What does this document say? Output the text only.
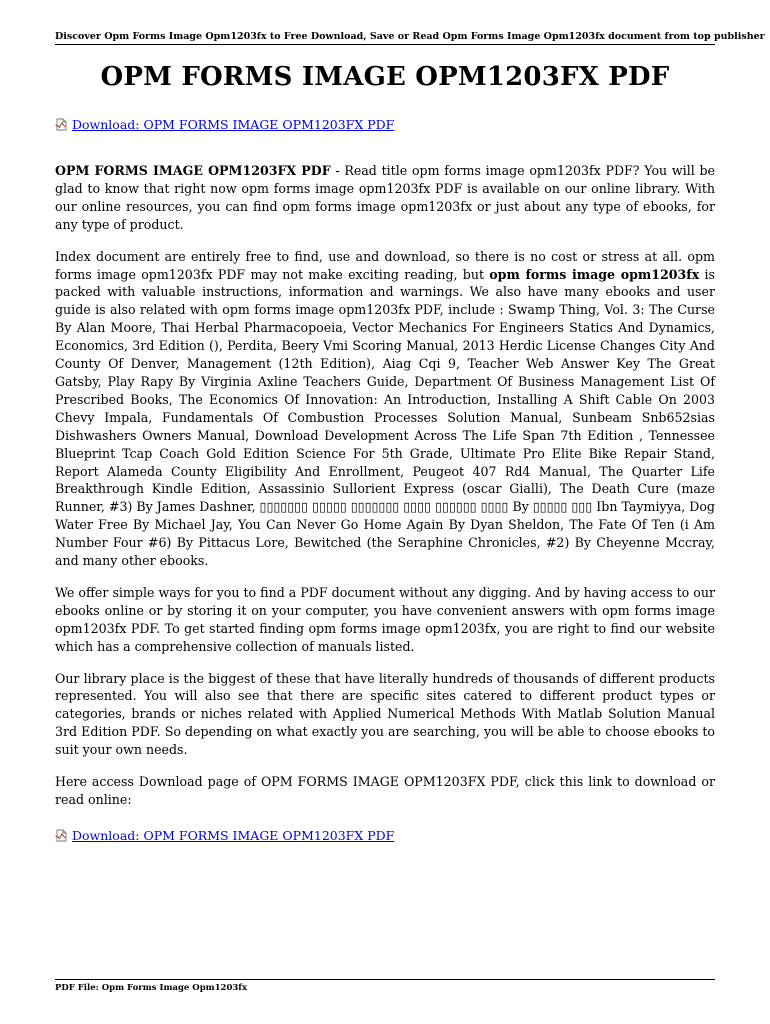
Discover Opm Forms Image Opm1203fx to Free Download, Save or Read Opm Forms Image Opm1203fx document from top publisher
OPM FORMS IMAGE OPM1203FX PDF
Download: OPM FORMS IMAGE OPM1203FX PDF

OPM FORMS IMAGE OPM1203FX PDF - Read title opm forms image opm1203fx PDF? You will be glad to know that right now opm forms image opm1203fx PDF is available on our online library. With our online resources, you can find opm forms image opm1203fx or just about any type of ebooks, for any type of product.

Index document are entirely free to find, use and download, so there is no cost or stress at all. opm forms image opm1203fx PDF may not make exciting reading, but opm forms image opm1203fx is packed with valuable instructions, information and warnings. We also have many ebooks and user guide is also related with opm forms image opm1203fx PDF, include : Swamp Thing, Vol. 3: The Curse By Alan Moore, Thai Herbal Pharmacopoeia, Vector Mechanics For Engineers Statics And Dynamics, Economics, 3rd Edition (), Perdita, Beery Vmi Scoring Manual, 2013 Herdic License Changes City And County Of Denver, Management (12th Edition), Aiag Cqi 9, Teacher Web Answer Key The Great Gatsby, Play Rapy By Virginia Axline Teachers Guide, Department Of Business Management List Of Prescribed Books, The Economics Of Innovation: An Introduction, Installing A Shift Cable On 2003 Chevy Impala, Fundamentals Of Combustion Processes Solution Manual, Sunbeam Snb652sias Dishwashers Owners Manual, Download Development Across The Life Span 7th Edition , Tennessee Blueprint Tcap Coach Gold Edition Science For 5th Grade, Ultimate Pro Elite Bike Repair Stand, Report Alameda County Eligibility And Enrollment, Peugeot 407 Rd4 Manual, The Quarter Life Breakthrough Kindle Edition, Assassinio Sullorient Express (oscar Gialli), The Death Cure (maze Runner, #3) By James Dashner, ▯▯▯▯▯▯▯ ▯▯▯▯▯ ▯▯▯▯▯▯▯ ▯▯▯▯ ▯▯▯▯▯▯ ▯▯▯▯ By ▯▯▯▯▯ ▯▯▯ Ibn Taymiyya, Dog Water Free By Michael Jay, You Can Never Go Home Again By Dyan Sheldon, The Fate Of Ten (i Am Number Four #6) By Pittacus Lore, Bewitched (the Seraphine Chronicles, #2) By Cheyenne Mccray, and many other ebooks.

We offer simple ways for you to find a PDF document without any digging. And by having access to our ebooks online or by storing it on your computer, you have convenient answers with opm forms image opm1203fx PDF. To get started finding opm forms image opm1203fx, you are right to find our website which has a comprehensive collection of manuals listed.

Our library place is the biggest of these that have literally hundreds of thousands of different products represented. You will also see that there are specific sites catered to different product types or categories, brands or niches related with Applied Numerical Methods With Matlab Solution Manual 3rd Edition PDF. So depending on what exactly you are searching, you will be able to choose ebooks to suit your own needs.

Here access Download page of OPM FORMS IMAGE OPM1203FX PDF, click this link to download or read online:

Download: OPM FORMS IMAGE OPM1203FX PDF
PDF File: Opm Forms Image Opm1203fx
